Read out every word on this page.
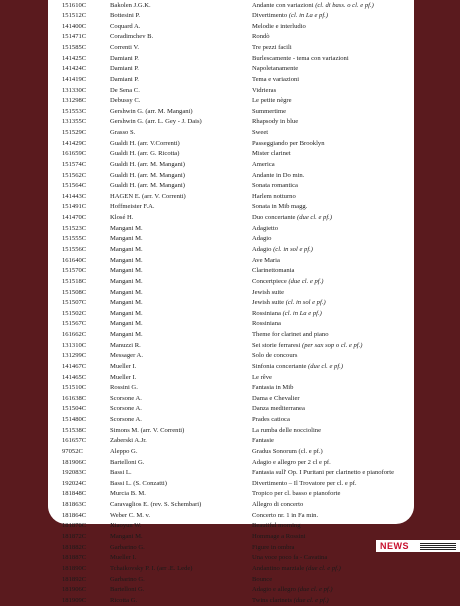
151610C	Bakolen J.G.K.	Andante con variazioni (cl. di bass. o cl. e pf.)
151512C	Bottesini P.	Divertimento (cl. in La e pf.)
141400C	Coquard A.	Melodie e interludio
151471C	Coradimchev B.	Rondò
151585C	Correnti V.	Tre pezzi facili
141425C	Damiani P.	Burlescamente - tema con variazioni
141424C	Damiani P.	Napoletanamente
141419C	Damiani P.	Tema e variazioni
131330C	De Sena C.	Vidrieras
131298C	Debussy C.	Le petite nègre
151553C	Gershwin G. (arr. M. Mangani)	Summertime
131355C	Gershwin G. (arr. L. Gey - J. Dais)	Rhapsody in blue
151529C	Grasso S.	Sweet
141429C	Gualdi H. (arr. V.Correnti)	Passeggiando per Brooklyn
161659C	Gualdi H. (arr. G. Ricotta)	Mister clarinet
151574C	Gualdi H. (arr. M. Mangani)	America
151562C	Gualdi H. (arr. M. Mangani)	Andante in Do min.
151564C	Gualdi H. (arr. M. Mangani)	Sonata romantica
141443C	HAGEN E. (arr. V. Correnti)	Harlem notturno
151491C	Hoffmeister F.A.	Sonata in Mib magg.
141470C	Klosé H.	Duo concertante (due cl. e pf.)
151523C	Mangani M.	Adagietto
151555C	Mangani M.	Adagio
151556C	Mangani M.	Adagio (cl. in sol e pf.)
161640C	Mangani M.	Ave Maria
151570C	Mangani M.	Clarinettomania
151518C	Mangani M.	Concertpiece (due cl. e pf.)
151508C	Mangani M.	Jewish suite
151507C	Mangani M.	Jewish suite (cl. in sol e pf.)
151502C	Mangani M.	Rossiniana (cl. in La e pf.)
151567C	Mangani M.	Rossiniana
161662C	Mangani M.	Theme for clarinet and piano
131310C	Manuzzi R.	Sei storie ferraresi (per sax sop o cl. e pf.)
131299C	Messager A.	Solo de concours
141467C	Mueller I.	Sinfonia concertante (due cl. e pf.)
141465C	Mueller I.	Le rêve
151510C	Rossini G.	Fantasia in Mib
161638C	Scorsone A.	Dama e Chevalier
151504C	Scorsone A.	Danza mediterranea
151480C	Scorsone A.	Prades catioca
151538C	Simons M. (arr. V. Correnti)	La rumba delle noccioline
161657C	Zaberski A.Jr.	Fantasie
97052C	Aleppo G.	Gradus Sonorum (cl. e pf.)
181906C	Bartelloni G.	Adagio e allegro per 2 cl e pf.
192083C	Bassi L.	Fantasia sull' Op. I Puritani per clarinetto e pianoforte
192024C	Bassi L. (S. Conzatti)	Divertimento – Il Trovatore per cl. e pf.
181848C	Murcia B. M.	Tropico per cl. basso e pianoforte
181863C	Caravaglios E. (rev. S. Schembari)	Allegro di concerto
181864C	Weber C. M. v.	Concerto nr. 1 in Fa min.
181870C	Xiaoyun W.	Beautiful morning
181872C	Mangani M.	Hommage a Rossini
181882C	Garbarino G.	Figure in ombra
181887C	Mueller I.	Una voce poco fa - Cavatina
181890C	Tchaikovsky P. I. (arr .E. Lede)	Andantino marziale (due cl. e pf.)
181892C	Garbarino G.	Bounce
181906C	Bartelloni G.	Adagio e allegro (due cl. e pf.)
181909C	Ricotta G.	Twins clarinets (due cl. e pf.)
NEWS
